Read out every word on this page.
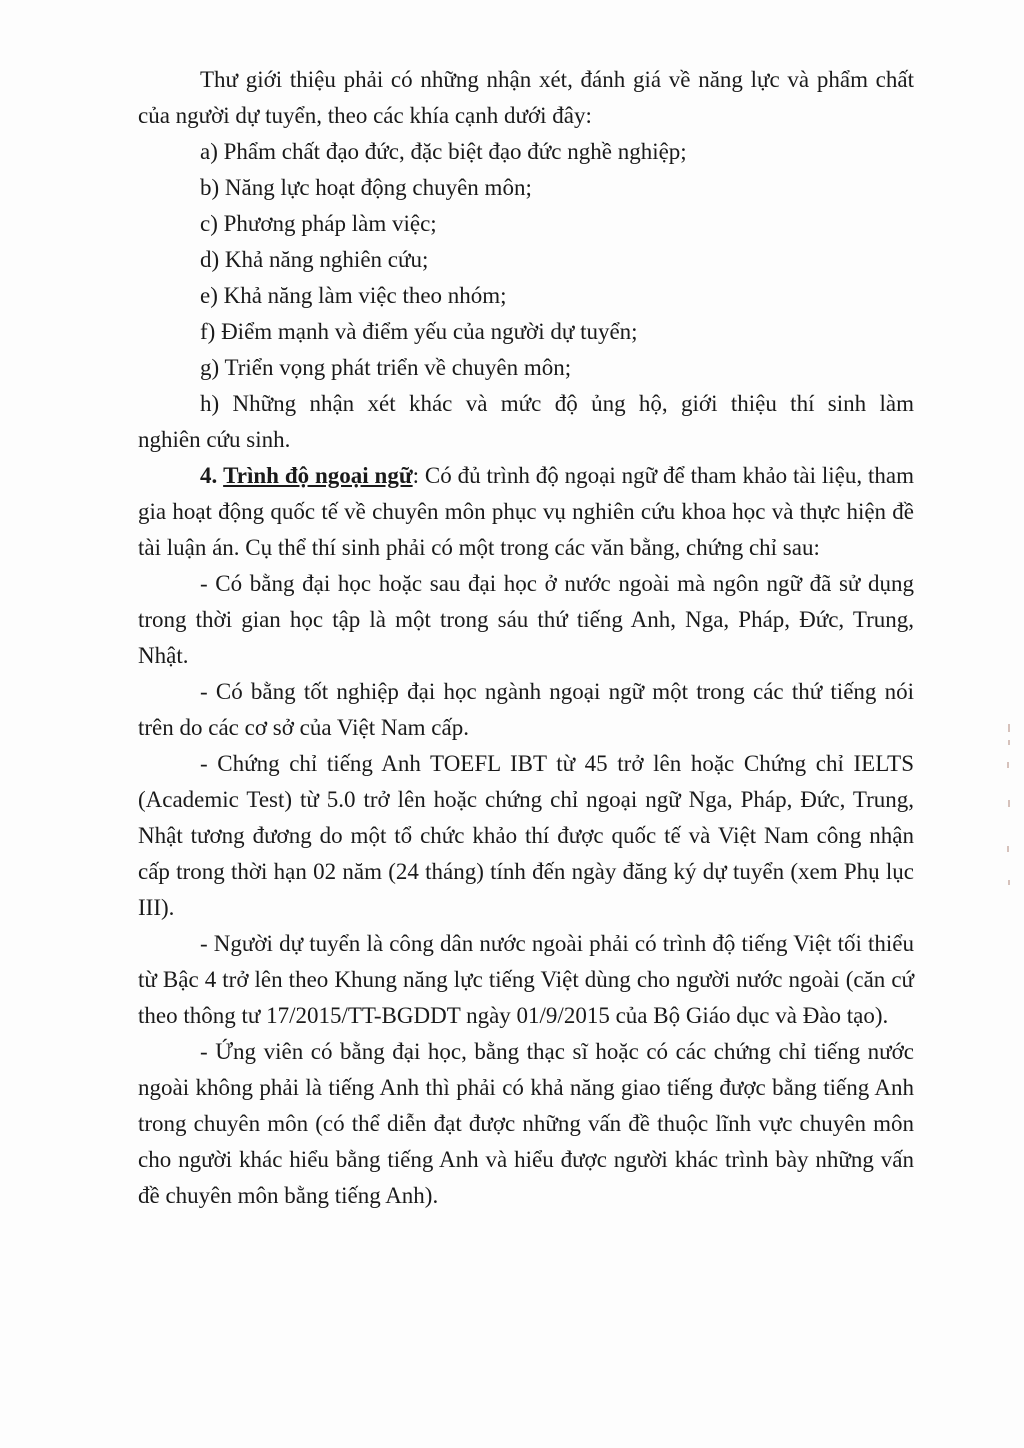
Thư giới thiệu phải có những nhận xét, đánh giá về năng lực và phẩm chất của người dự tuyển, theo các khía cạnh dưới đây:

a) Phẩm chất đạo đức, đặc biệt đạo đức nghề nghiệp;

b) Năng lực hoạt động chuyên môn;

c) Phương pháp làm việc;

d) Khả năng nghiên cứu;

e) Khả năng làm việc theo nhóm;

f) Điểm mạnh và điểm yếu của người dự tuyển;

g) Triển vọng phát triển về chuyên môn;

h) Những nhận xét khác và mức độ ủng hộ, giới thiệu thí sinh làm

nghiên cứu sinh.

4. Trình độ ngoại ngữ: Có đủ trình độ ngoại ngữ để tham khảo tài liệu, tham gia hoạt động quốc tế về chuyên môn phục vụ nghiên cứu khoa học và thực hiện đề tài luận án. Cụ thể thí sinh phải có một trong các văn bằng, chứng chỉ sau:

- Có bằng đại học hoặc sau đại học ở nước ngoài mà ngôn ngữ đã sử dụng trong thời gian học tập là một trong sáu thứ tiếng Anh, Nga, Pháp, Đức, Trung, Nhật.

- Có bằng tốt nghiệp đại học ngành ngoại ngữ một trong các thứ tiếng nói trên do các cơ sở của Việt Nam cấp.

- Chứng chỉ tiếng Anh TOEFL IBT từ 45 trở lên hoặc Chứng chỉ IELTS (Academic Test) từ 5.0 trở lên hoặc chứng chỉ ngoại ngữ Nga, Pháp, Đức, Trung, Nhật tương đương do một tổ chức khảo thí được quốc tế và Việt Nam công nhận cấp trong thời hạn 02 năm (24 tháng) tính đến ngày đăng ký dự tuyển (xem Phụ lục III).

- Người dự tuyển là công dân nước ngoài phải có trình độ tiếng Việt tối thiểu từ Bậc 4 trở lên theo Khung năng lực tiếng Việt dùng cho người nước ngoài (căn cứ theo thông tư 17/2015/TT-BGDDT ngày 01/9/2015 của Bộ Giáo dục và Đào tạo).

- Ứng viên có bằng đại học, bằng thạc sĩ hoặc có các chứng chỉ tiếng nước ngoài không phải là tiếng Anh thì phải có khả năng giao tiếng được bằng tiếng Anh trong chuyên môn (có thể diễn đạt được những vấn đề thuộc lĩnh vực chuyên môn cho người khác hiểu bằng tiếng Anh và hiểu được người khác trình bày những vấn đề chuyên môn bằng tiếng Anh).
